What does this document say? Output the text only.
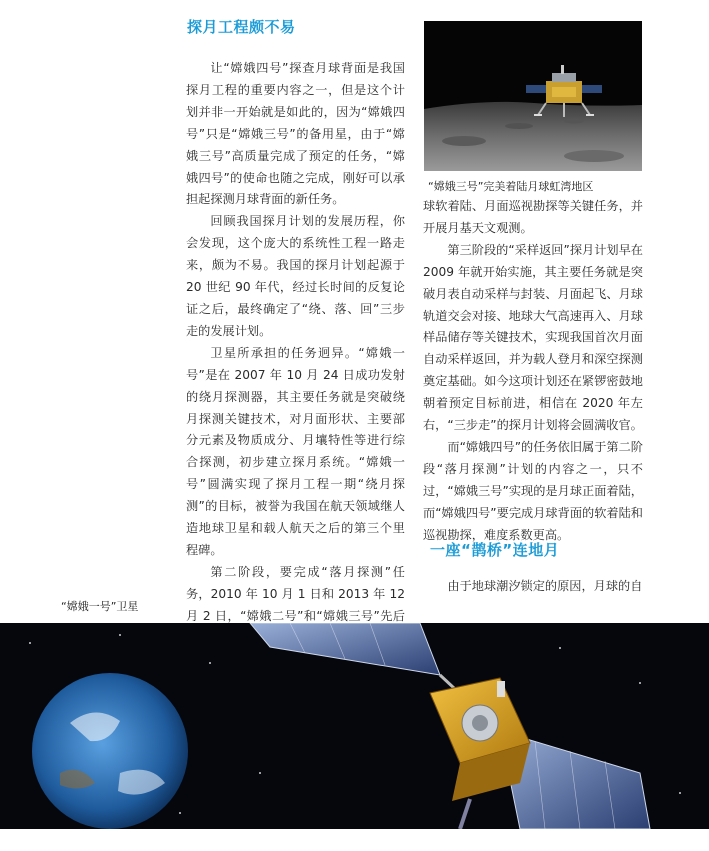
探月工程颇不易

让“嫦娥四号”探查月球背面是我国探月工程的重要内容之一，但是这个计划并非一开始就是如此的，因为“嫦娥四号”只是“嫦娥三号”的备用星，由于“嫦娥三号”高质量完成了预定的任务，“嫦娥四号”的使命也随之完成，刚好可以承担起探测月球背面的新任务。

回顾我国探月计划的发展历程，你会发现，这个庞大的系统性工程一路走来，颇为不易。我国的探月计划起源于 20 世纪 90 年代，经过长时间的反复论证之后，最终确定了“绕、落、回”三步走的发展计划。

卫星所承担的任务迥异。“嫦娥一号”是在 2007 年 10 月 24 日成功发射的绕月探测器，其主要任务就是突破绕月探测关键技术，对月面形状、主要部分元素及物质成分、月壤特性等进行综合探测，初步建立探月系统。“嫦娥一号”圆满实现了探月工程一期“绕月探测”的目标，被誉为我国在航天领域继人造地球卫星和载人航天之后的第三个里程碑。

第二阶段，要完成“落月探测”任务，2010 年 10 月 1 日和 2013 年 12 月 2 日，“嫦娥二号”和“嫦娥三号”先后

“嫦娥三号”完美着陆月球虹湾地区

球软着陆、月面巡视勘探等关键任务，并开展月基天文观测。

第三阶段的“采样返回”探月计划早在 2009 年就开始实施，其主要任务就是突破月表自动采样与封装、月面起飞、月球轨道交会对接、地球大气高速再入、月球样品储存等关键技术，实现我国首次月面自动采样返回，并为载人登月和深空探测奠定基础。如今这项计划还在紧锣密鼓地朝着预定目标前进，相信在 2020 年左右，“三步走”的探月计划将会圆满收官。

而“嫦娥四号”的任务依旧属于第二阶段“落月探测”计划的内容之一，只不过，“嫦娥三号”实现的是月球正面着陆，而“嫦娥四号”要完成月球背面的软着陆和巡视勘探，难度系数更高。

一座“鹊桥”连地月

由于地球潮汐锁定的原因，月球的自

“嫦娥一号”卫星
